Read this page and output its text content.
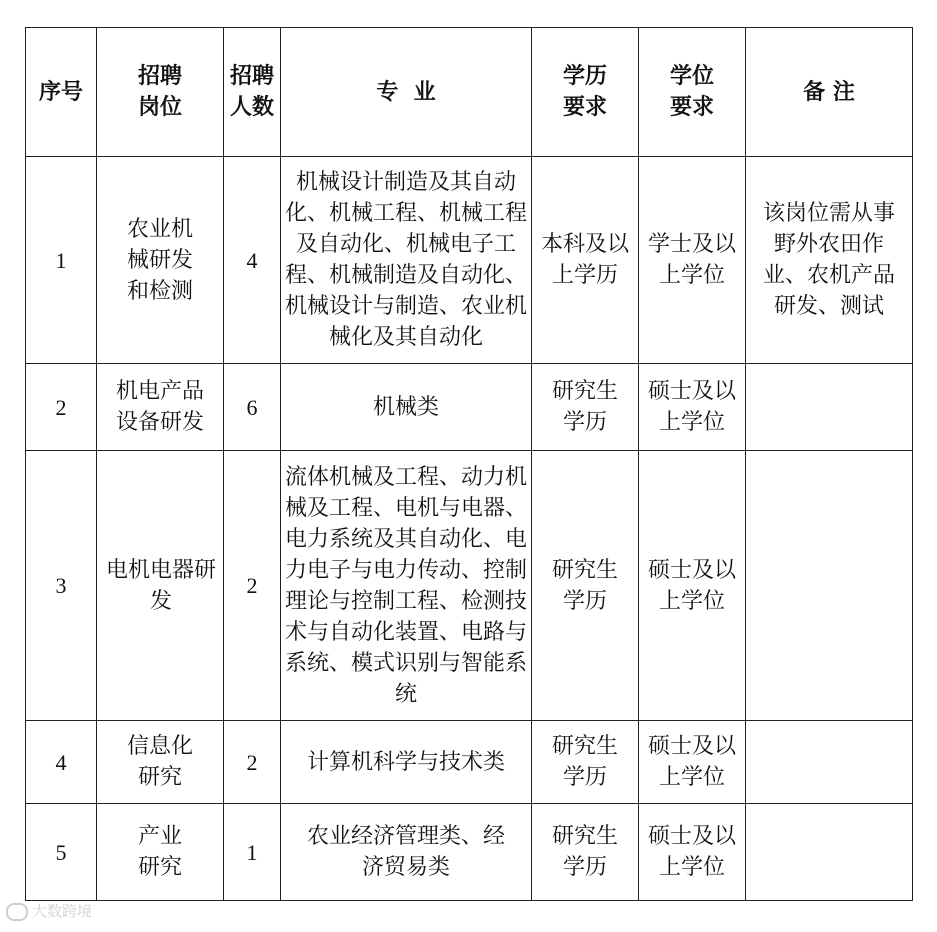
序号	招聘岗位	招聘人数	专  业	学历要求	学位要求	备 注
1	农业机械研发和检测	4	机械设计制造及其自动化、机械工程、机械工程及自动化、机械电子工程、机械制造及自动化、机械设计与制造、农业机械化及其自动化	本科及以上学历	学士及以上学位	该岗位需从事野外农田作业、农机产品研发、测试
2	机电产品设备研发	6	机械类	研究生学历	硕士及以上学位	
3	电机电器研发	2	流体机械及工程、动力机械及工程、电机与电器、电力系统及其自动化、电力电子与电力传动、控制理论与控制工程、检测技术与自动化装置、电路与系统、模式识别与智能系统	研究生学历	硕士及以上学位	
4	信息化研究	2	计算机科学与技术类	研究生学历	硕士及以上学位	
5	产业研究	1	农业经济管理类、经济贸易类	研究生学历	硕士及以上学位	
大数跨境
